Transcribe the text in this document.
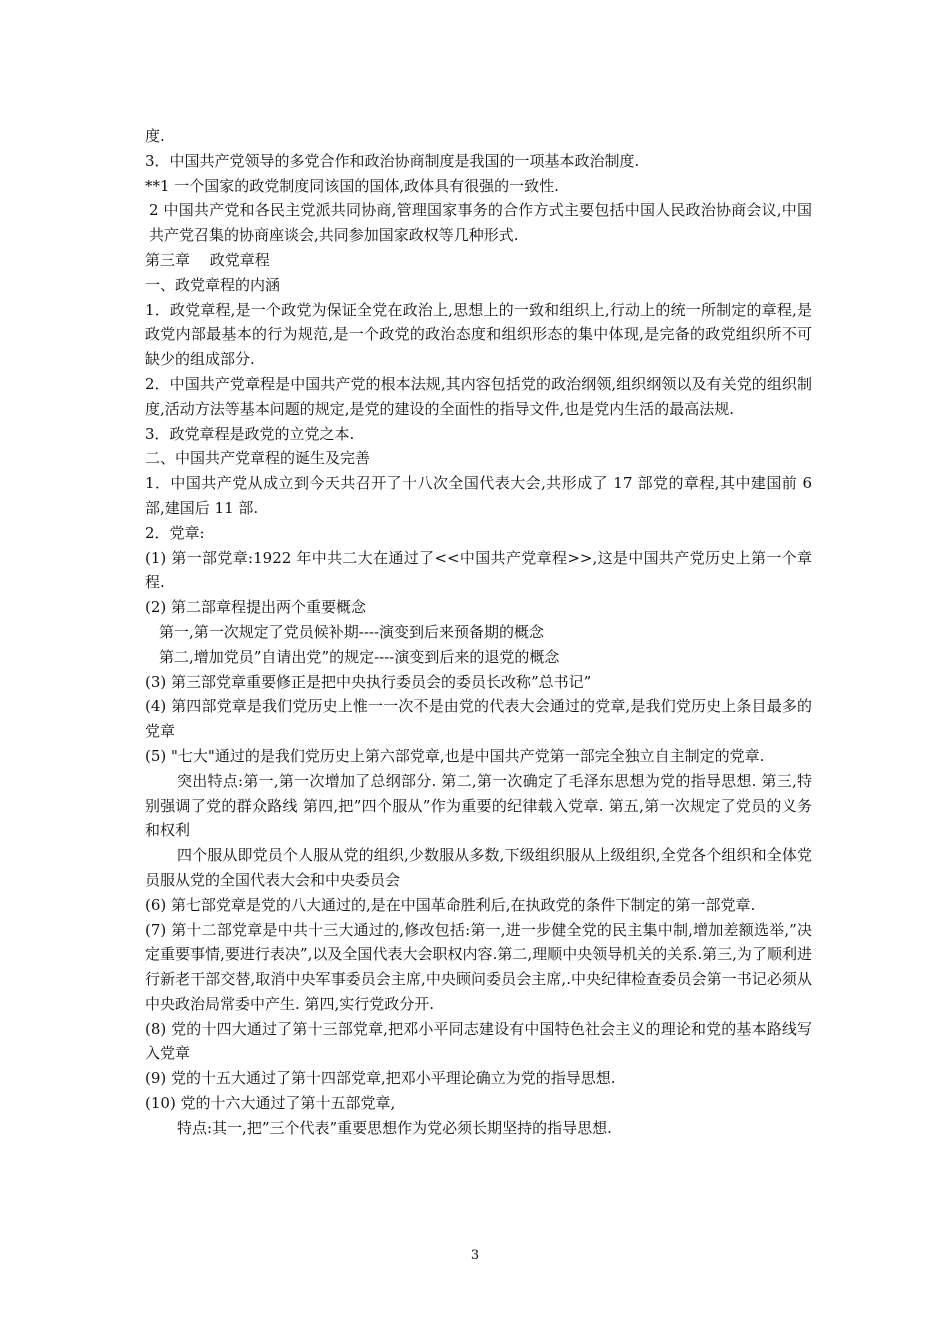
度.

3．中国共产党领导的多党合作和政治协商制度是我国的一项基本政治制度.

**1 一个国家的政党制度同该国的国体,政体具有很强的一致性.

2 中国共产党和各民主党派共同协商,管理国家事务的合作方式主要包括中国人民政治协商会议,中国共产党召集的协商座谈会,共同参加国家政权等几种形式.

第三章　 政党章程

一、政党章程的内涵

1．政党章程,是一个政党为保证全党在政治上,思想上的一致和组织上,行动上的统一所制定的章程,是政党内部最基本的行为规范,是一个政党的政治态度和组织形态的集中体现,是完备的政党组织所不可缺少的组成部分.

2．中国共产党章程是中国共产党的根本法规,其内容包括党的政治纲领,组织纲领以及有关党的组织制度,活动方法等基本问题的规定,是党的建设的全面性的指导文件,也是党内生活的最高法规.

3．政党章程是政党的立党之本.

二、中国共产党章程的诞生及完善

1．中国共产党从成立到今天共召开了十八次全国代表大会,共形成了 17 部党的章程,其中建国前 6 部,建国后 11 部.

2．党章:

(1) 第一部党章:1922 年中共二大在通过了<<中国共产党章程>>,这是中国共产党历史上第一个章程.

(2) 第二部章程提出两个重要概念

第一,第一次规定了党员候补期----演变到后来预备期的概念

第二,增加党员”自请出党”的规定----演变到后来的退党的概念

(3) 第三部党章重要修正是把中央执行委员会的委员长改称”总书记”

(4) 第四部党章是我们党历史上惟一一次不是由党的代表大会通过的党章,是我们党历史上条目最多的党章

(5) "七大"通过的是我们党历史上第六部党章,也是中国共产党第一部完全独立自主制定的党章.

突出特点:第一,第一次增加了总纲部分. 第二,第一次确定了毛泽东思想为党的指导思想. 第三,特别强调了党的群众路线 第四,把”四个服从”作为重要的纪律载入党章. 第五,第一次规定了党员的义务和权利

四个服从即党员个人服从党的组织,少数服从多数,下级组织服从上级组织,全党各个组织和全体党员服从党的全国代表大会和中央委员会

(6) 第七部党章是党的八大通过的,是在中国革命胜利后,在执政党的条件下制定的第一部党章.

(7) 第十二部党章是中共十三大通过的,修改包括:第一,进一步健全党的民主集中制,增加差额选举,”决定重要事情,要进行表决”,以及全国代表大会职权内容.第二,理顺中央领导机关的关系.第三,为了顺利进行新老干部交替,取消中央军事委员会主席,中央顾问委员会主席,.中央纪律检查委员会第一书记必须从中央政治局常委中产生. 第四,实行党政分开.

(8) 党的十四大通过了第十三部党章,把邓小平同志建设有中国特色社会主义的理论和党的基本路线写入党章

(9) 党的十五大通过了第十四部党章,把邓小平理论确立为党的指导思想.

(10) 党的十六大通过了第十五部党章,

特点:其一,把”三个代表”重要思想作为党必须长期坚持的指导思想.

3
